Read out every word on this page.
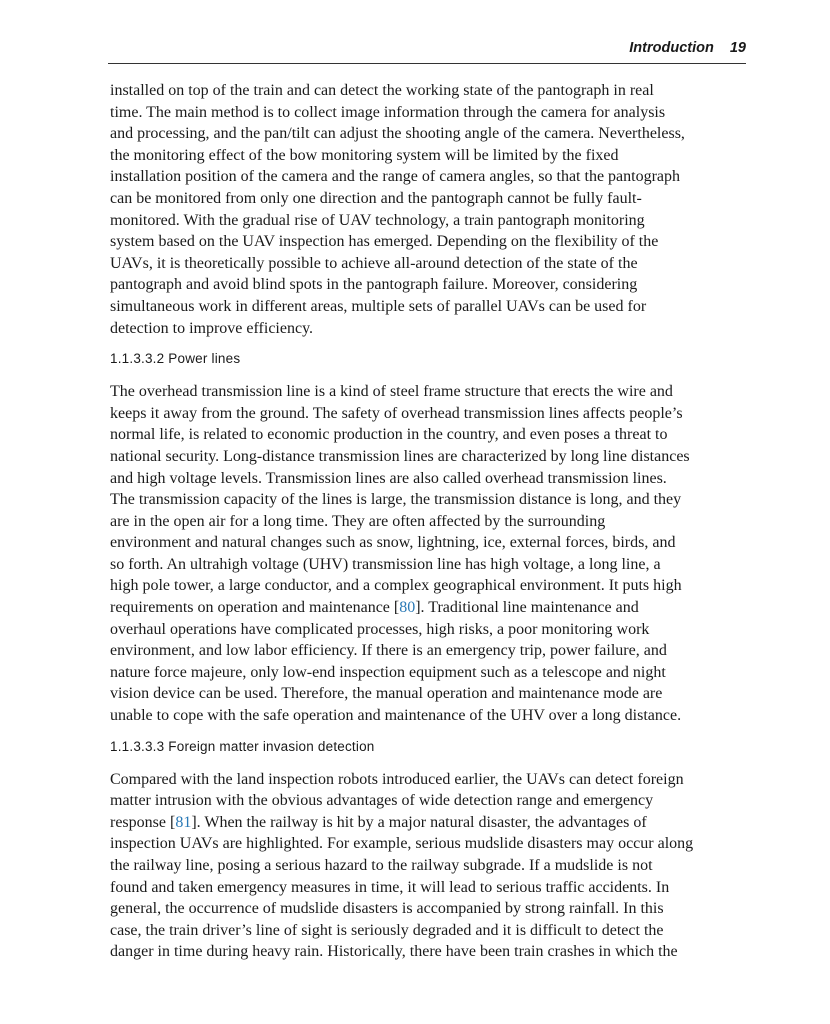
Introduction 19

installed on top of the train and can detect the working state of the pantograph in real
time. The main method is to collect image information through the camera for analysis
and processing, and the pan/tilt can adjust the shooting angle of the camera. Nevertheless,
the monitoring effect of the bow monitoring system will be limited by the fixed
installation position of the camera and the range of camera angles, so that the pantograph
can be monitored from only one direction and the pantograph cannot be fully fault-
monitored. With the gradual rise of UAV technology, a train pantograph monitoring
system based on the UAV inspection has emerged. Depending on the flexibility of the
UAVs, it is theoretically possible to achieve all-around detection of the state of the
pantograph and avoid blind spots in the pantograph failure. Moreover, considering
simultaneous work in different areas, multiple sets of parallel UAVs can be used for
detection to improve efficiency.

1.1.3.3.2 Power lines

The overhead transmission line is a kind of steel frame structure that erects the wire and
keeps it away from the ground. The safety of overhead transmission lines affects people’s
normal life, is related to economic production in the country, and even poses a threat to
national security. Long-distance transmission lines are characterized by long line distances
and high voltage levels. Transmission lines are also called overhead transmission lines.
The transmission capacity of the lines is large, the transmission distance is long, and they
are in the open air for a long time. They are often affected by the surrounding
environment and natural changes such as snow, lightning, ice, external forces, birds, and
so forth. An ultrahigh voltage (UHV) transmission line has high voltage, a long line, a
high pole tower, a large conductor, and a complex geographical environment. It puts high
requirements on operation and maintenance [80]. Traditional line maintenance and
overhaul operations have complicated processes, high risks, a poor monitoring work
environment, and low labor efficiency. If there is an emergency trip, power failure, and
nature force majeure, only low-end inspection equipment such as a telescope and night
vision device can be used. Therefore, the manual operation and maintenance mode are
unable to cope with the safe operation and maintenance of the UHV over a long distance.

1.1.3.3.3 Foreign matter invasion detection

Compared with the land inspection robots introduced earlier, the UAVs can detect foreign
matter intrusion with the obvious advantages of wide detection range and emergency
response [81]. When the railway is hit by a major natural disaster, the advantages of
inspection UAVs are highlighted. For example, serious mudslide disasters may occur along
the railway line, posing a serious hazard to the railway subgrade. If a mudslide is not
found and taken emergency measures in time, it will lead to serious traffic accidents. In
general, the occurrence of mudslide disasters is accompanied by strong rainfall. In this
case, the train driver’s line of sight is seriously degraded and it is difficult to detect the
danger in time during heavy rain. Historically, there have been train crashes in which the
